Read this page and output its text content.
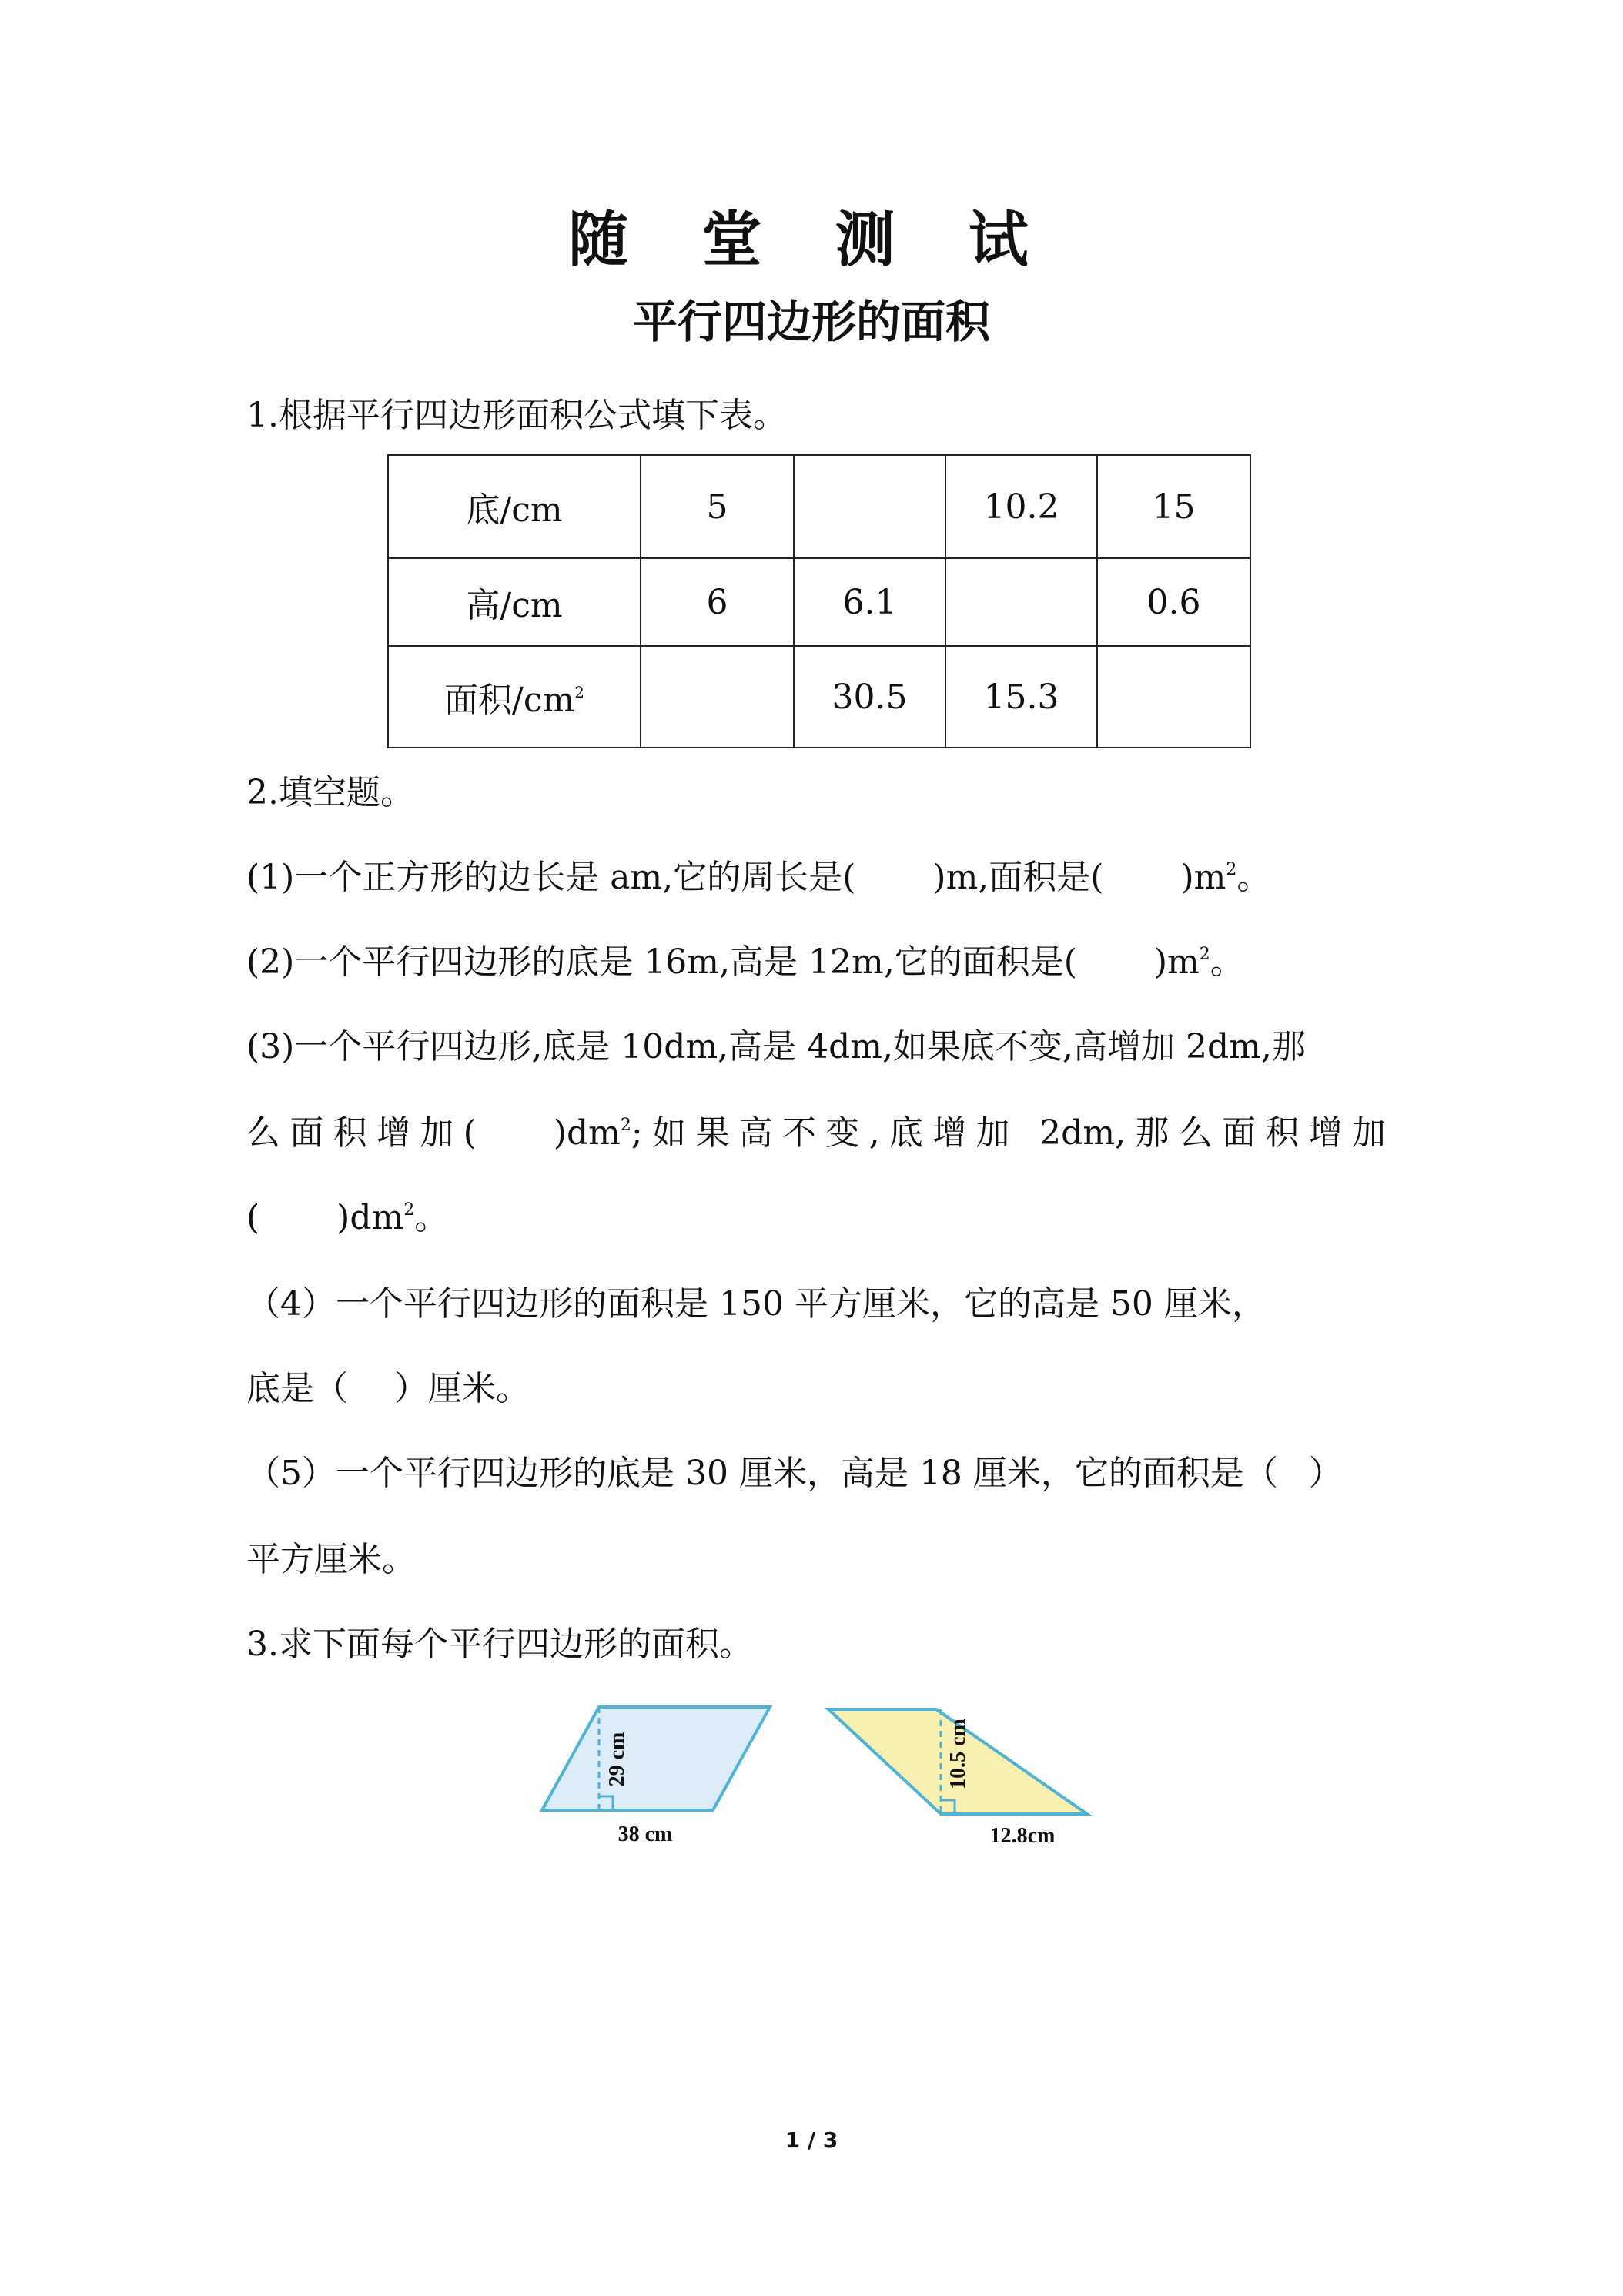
随 堂 测 试
平行四边形的面积
1.根据平行四边形面积公式填下表。
底/cm	5		10.2	15
高/cm	6	6.1		0.6
面积$/cm^2$		30.5	15.3	
2.填空题。
(1)一个正方形的边长是 am,它的周长是( )m,面积是( )$m^2$。
(2)一个平行四边形的底是 16m,高是 12m,它的面积是( )$m^2$。
(3)一个平行四边形,底是 10dm,高是 4dm,如果底不变,高增加 2dm,那
么面积增加( )$dm^2$;如果高不变,底增加 2dm,那么面积增加
( )$dm^2$。
（4）一个平行四边形的面积是 150 平方厘米，它的高是 50 厘米，
底是（ ）厘米。
（5）一个平行四边形的底是 30 厘米，高是 18 厘米，它的面积是（ ）
平方厘米。
3.求下面每个平行四边形的面积。
29 cm
38 cm
10.5 cm
12.8cm
1 / 3
